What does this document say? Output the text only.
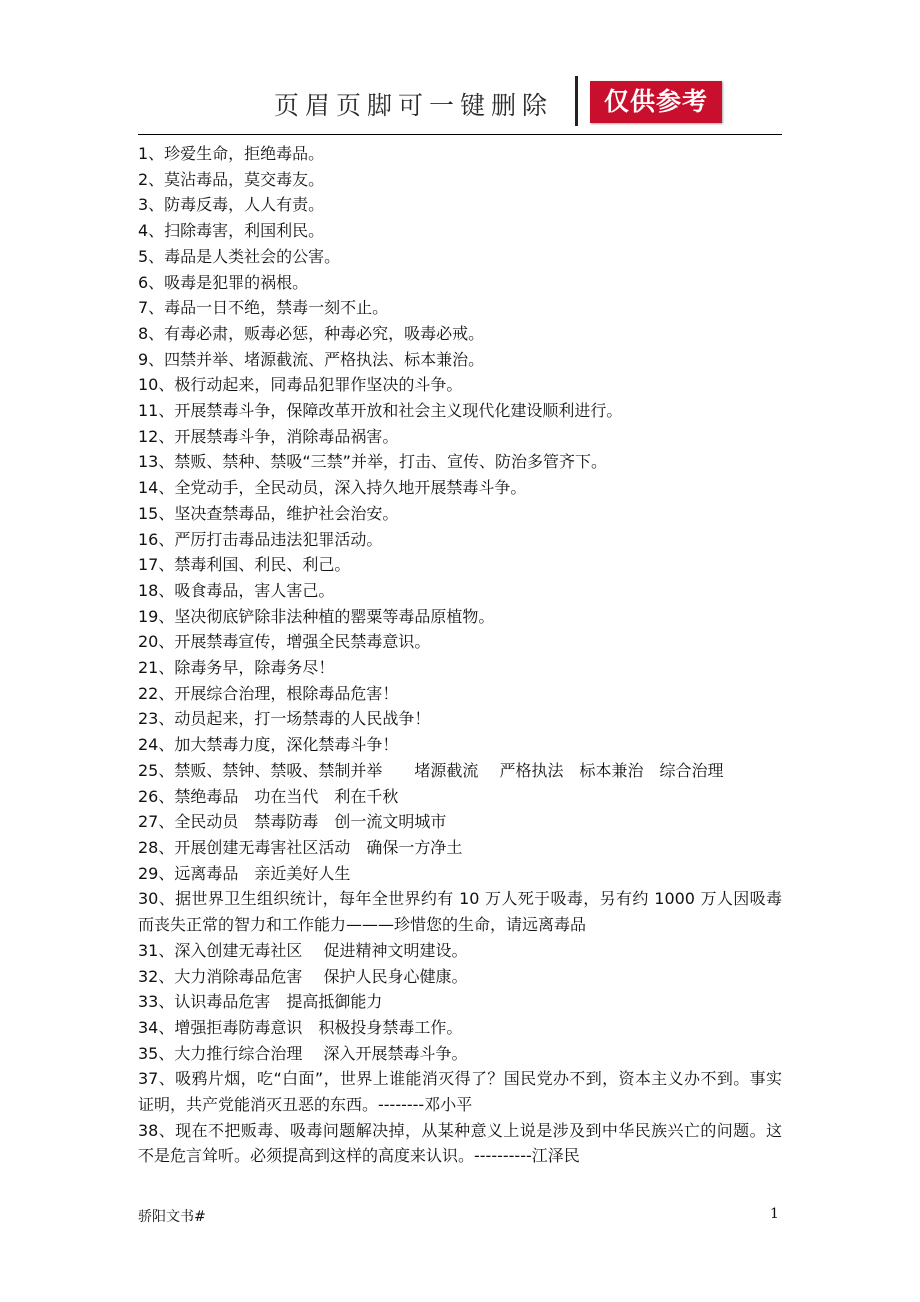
页眉页脚可一键删除	仅供参考

1、珍爱生命，拒绝毒品。

2、莫沾毒品，莫交毒友。

3、防毒反毒，人人有责。

4、扫除毒害，利国利民。

5、毒品是人类社会的公害。

6、吸毒是犯罪的祸根。

7、毒品一日不绝，禁毒一刻不止。

8、有毒必肃，贩毒必惩，种毒必究，吸毒必戒。

9、四禁并举、堵源截流、严格执法、标本兼治。

10、极行动起来，同毒品犯罪作坚决的斗争。

11、开展禁毒斗争，保障改革开放和社会主义现代化建设顺利进行。

12、开展禁毒斗争，消除毒品祸害。

13、禁贩、禁种、禁吸“三禁”并举，打击、宣传、防治多管齐下。

14、全党动手，全民动员，深入持久地开展禁毒斗争。

15、坚决查禁毒品，维护社会治安。

16、严厉打击毒品违法犯罪活动。

17、禁毒利国、利民、利己。

18、吸食毒品，害人害己。

19、坚决彻底铲除非法种植的罂粟等毒品原植物。

20、开展禁毒宣传，增强全民禁毒意识。

21、除毒务早，除毒务尽！

22、开展综合治理，根除毒品危害！

23、动员起来，打一场禁毒的人民战争！

24、加大禁毒力度，深化禁毒斗争！

25、禁贩、禁钟、禁吸、禁制并举　　堵源截流　 严格执法　标本兼治　综合治理

26、禁绝毒品　功在当代　利在千秋

27、全民动员　禁毒防毒　创一流文明城市

28、开展创建无毒害社区活动　确保一方净土

29、远离毒品　亲近美好人生

30、据世界卫生组织统计，每年全世界约有 10 万人死于吸毒，另有约 1000 万人因吸毒而丧失正常的智力和工作能力———珍惜您的生命，请远离毒品

31、深入创建无毒社区　 促进精神文明建设。

32、大力消除毒品危害　 保护人民身心健康。

33、认识毒品危害　提高抵御能力

34、增强拒毒防毒意识　积极投身禁毒工作。

35、大力推行综合治理　 深入开展禁毒斗争。

37、吸鸦片烟，吃“白面”，世界上谁能消灭得了？国民党办不到，资本主义办不到。事实证明，共产党能消灭丑恶的东西。--------邓小平

38、现在不把贩毒、吸毒问题解决掉，从某种意义上说是涉及到中华民族兴亡的问题。这不是危言耸听。必须提高到这样的高度来认识。----------江泽民

骄阳文书#	1
